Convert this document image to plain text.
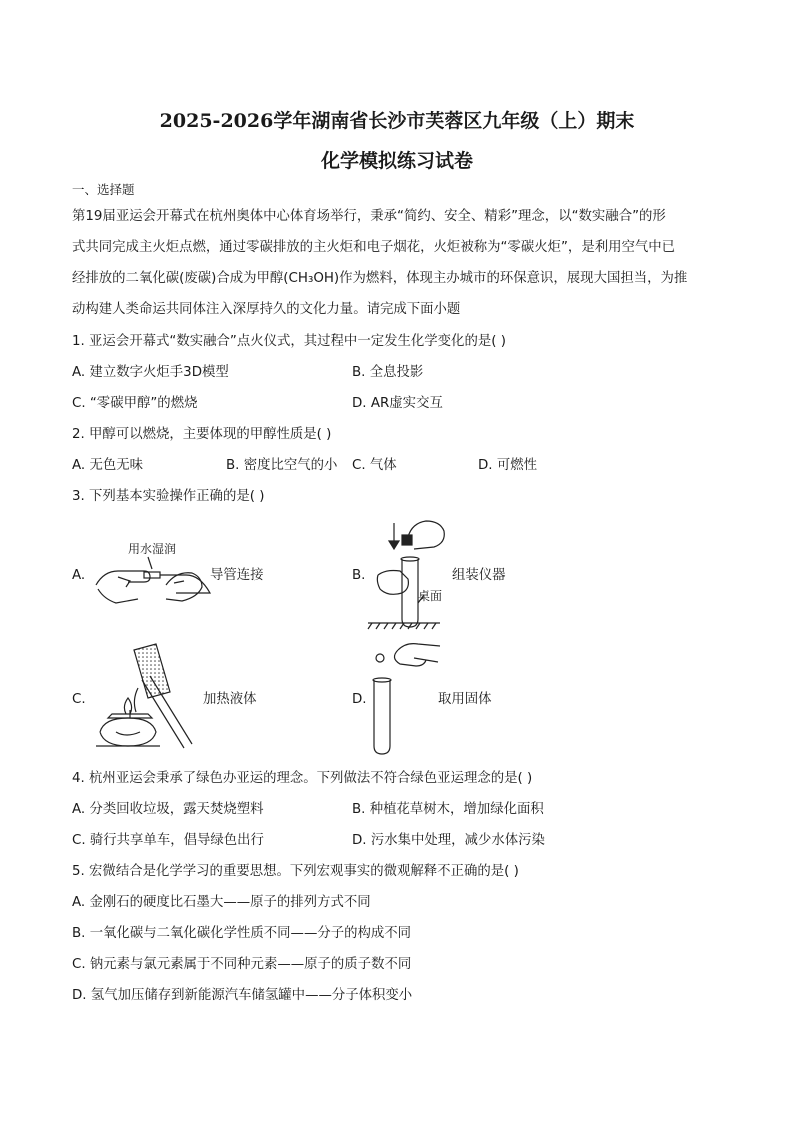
2025-2026学年湖南省长沙市芙蓉区九年级（上）期末
化学模拟练习试卷
一、选择题
第19届亚运会开幕式在杭州奥体中心体育场举行，秉承“简约、安全、精彩”理念，以“数实融合”的形
式共同完成主火炬点燃，通过零碳排放的主火炬和电子烟花，火炬被称为“零碳火炬”，是利用空气中已
经排放的二氧化碳(废碳)合成为甲醇(CH₃OH)作为燃料，体现主办城市的环保意识，展现大国担当，为推
动构建人类命运共同体注入深厚持久的文化力量。请完成下面小题
1. 亚运会开幕式“数实融合”点火仪式，其过程中一定发生化学变化的是( )
A. 建立数字火炬手3D模型	B. 全息投影
C. “零碳甲醇”的燃烧	D. AR虚实交互
2. 甲醇可以燃烧，主要体现的甲醇性质是( )
A. 无色无味	B. 密度比空气的小 C. 气体	D. 可燃性
3. 下列基本实验操作正确的是( )
A.
用水湿润
导管连接	B.
桌面
组装仪器
C.	加热液体	D.	取用固体
4. 杭州亚运会秉承了绿色办亚运的理念。下列做法不符合绿色亚运理念的是( )
A. 分类回收垃圾，露天焚烧塑料	B. 种植花草树木，增加绿化面积
C. 骑行共享单车，倡导绿色出行	D. 污水集中处理，减少水体污染
5. 宏微结合是化学学习的重要思想。下列宏观事实的微观解释不正确的是( )
A. 金刚石的硬度比石墨大——原子的排列方式不同
B. 一氧化碳与二氧化碳化学性质不同——分子的构成不同
C. 钠元素与氯元素属于不同种元素——原子的质子数不同
D. 氢气加压储存到新能源汽车储氢罐中——分子体积变小
